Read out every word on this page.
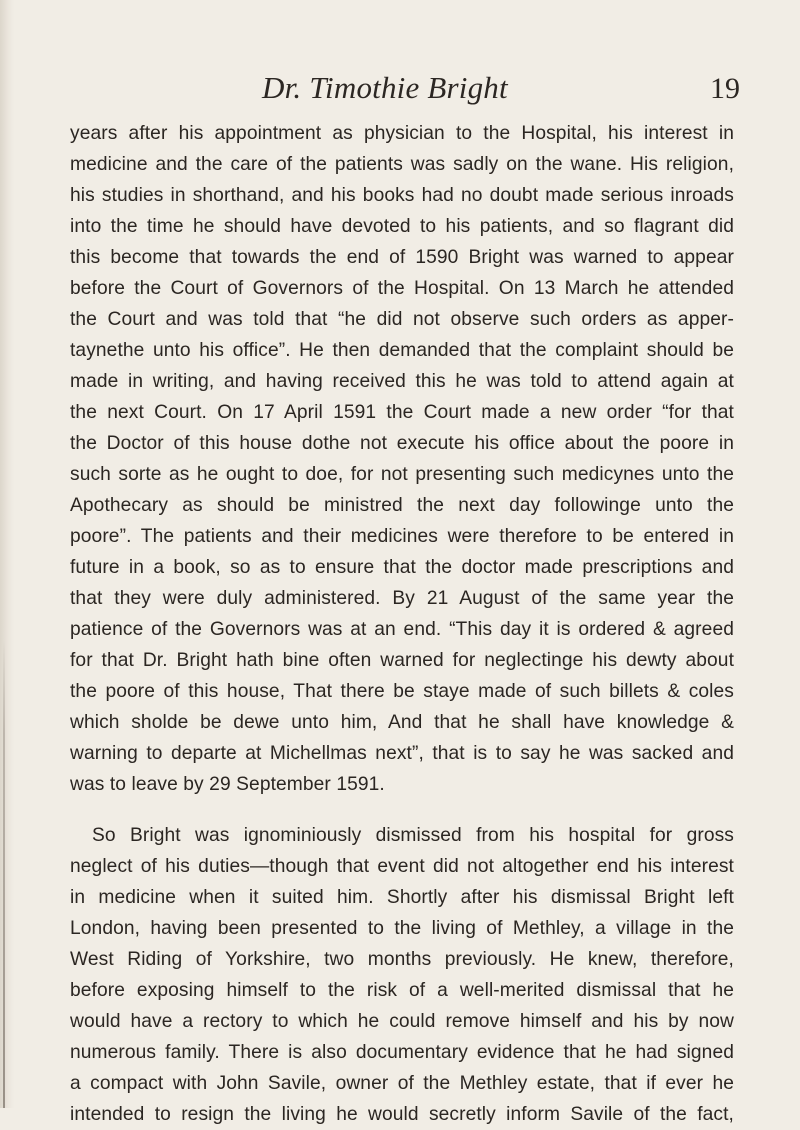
Dr. Timothie Bright	19
years after his appointment as physician to the Hospital, his interest in
medicine and the care of the patients was sadly on the wane. His religion,
his studies in shorthand, and his books had no doubt made serious inroads
into the time he should have devoted to his patients, and so flagrant did
this become that towards the end of 1590 Bright was warned to appear
before the Court of Governors of the Hospital. On 13 March he attended
the Court and was told that “he did not observe such orders as apper-
taynethe unto his office”. He then demanded that the complaint should be
made in writing, and having received this he was told to attend again at
the next Court. On 17 April 1591 the Court made a new order “for that
the Doctor of this house dothe not execute his office about the poore in
such sorte as he ought to doe, for not presenting such medicynes unto the
Apothecary as should be ministred the next day followinge unto the
poore”. The patients and their medicines were therefore to be entered in
future in a book, so as to ensure that the doctor made prescriptions and
that they were duly administered. By 21 August of the same year the
patience of the Governors was at an end. “This day it is ordered & agreed
for that Dr. Bright hath bine often warned for neglectinge his dewty about
the poore of this house, That there be staye made of such billets & coles
which sholde be dewe unto him, And that he shall have knowledge &
warning to departe at Michellmas next”, that is to say he was sacked and
was to leave by 29 September 1591.
So Bright was ignominiously dismissed from his hospital for gross
neglect of his duties—though that event did not altogether end his interest
in medicine when it suited him. Shortly after his dismissal Bright left
London, having been presented to the living of Methley, a village in the
West Riding of Yorkshire, two months previously. He knew, therefore,
before exposing himself to the risk of a well-merited dismissal that he
would have a rectory to which he could remove himself and his by now
numerous family. There is also documentary evidence that he had signed
a compact with John Savile, owner of the Methley estate, that if ever he
intended to resign the living he would secretly inform Savile of the fact,
